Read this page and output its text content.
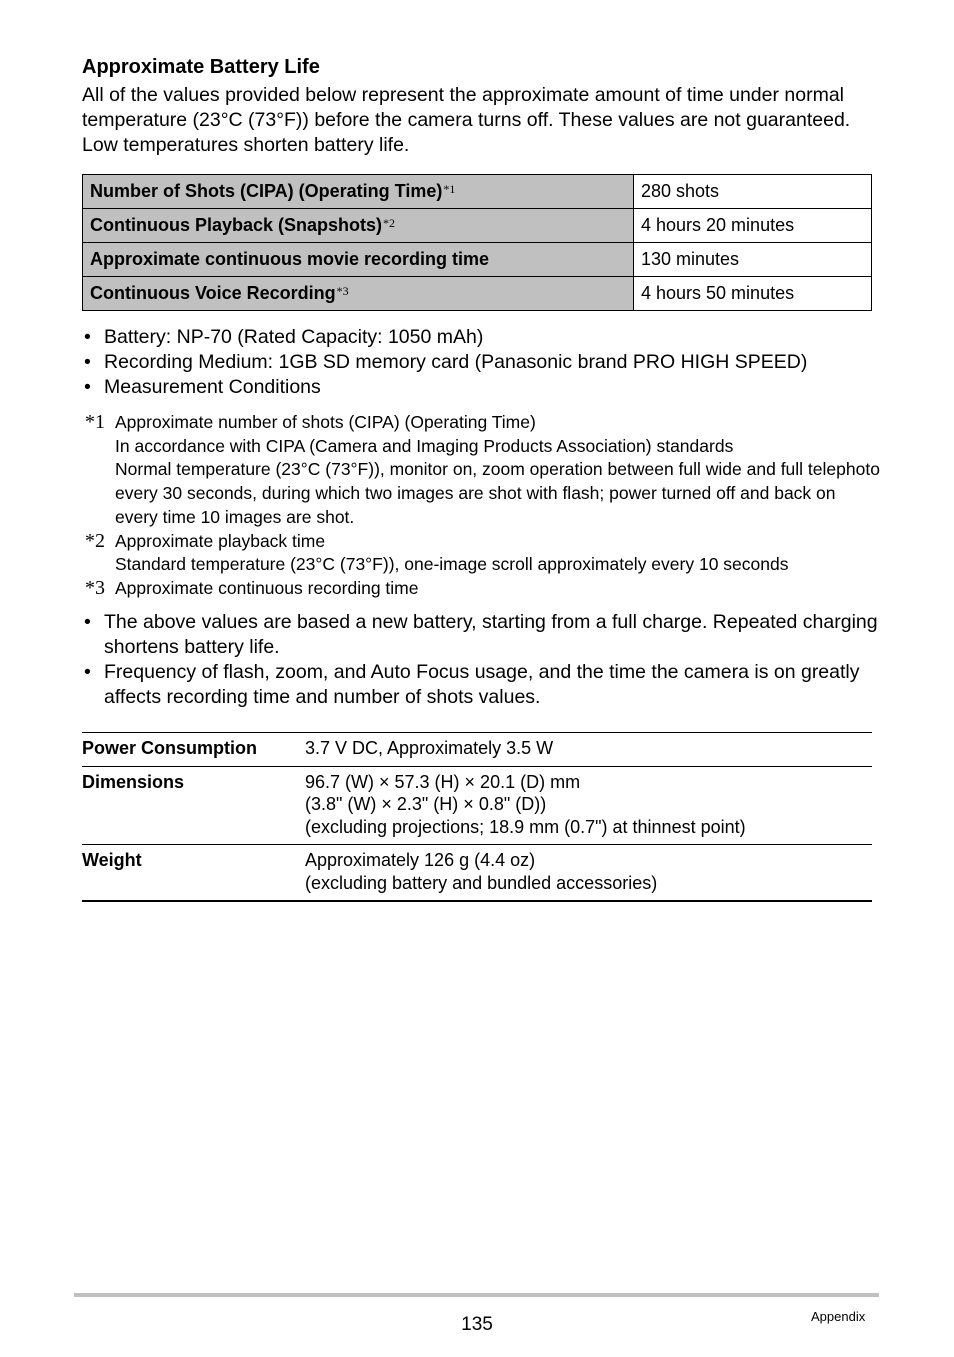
Approximate Battery Life
All of the values provided below represent the approximate amount of time under normal temperature (23°C (73°F)) before the camera turns off. These values are not guaranteed. Low temperatures shorten battery life.
Number of Shots (CIPA) (Operating Time)$^{*1}$	280 shots
Continuous Playback (Snapshots)$^{*2}$	4 hours 20 minutes
Approximate continuous movie recording time	130 minutes
Continuous Voice Recording$^{*3}$	4 hours 50 minutes
• Battery: NP-70 (Rated Capacity: 1050 mAh)
• Recording Medium: 1GB SD memory card (Panasonic brand PRO HIGH SPEED)
• Measurement Conditions
*1 Approximate number of shots (CIPA) (Operating Time)
In accordance with CIPA (Camera and Imaging Products Association) standards
Normal temperature (23°C (73°F)), monitor on, zoom operation between full wide and full telephoto every 30 seconds, during which two images are shot with flash; power turned off and back on every time 10 images are shot.
*2 Approximate playback time
Standard temperature (23°C (73°F)), one-image scroll approximately every 10 seconds
*3 Approximate continuous recording time
• The above values are based a new battery, starting from a full charge. Repeated charging shortens battery life.
• Frequency of flash, zoom, and Auto Focus usage, and the time the camera is on greatly affects recording time and number of shots values.
Power Consumption	3.7 V DC, Approximately 3.5 W
Dimensions	96.7 (W) × 57.3 (H) × 20.1 (D) mm
(3.8" (W) × 2.3" (H) × 0.8" (D))
(excluding projections; 18.9 mm (0.7") at thinnest point)
Weight	Approximately 126 g (4.4 oz)
(excluding battery and bundled accessories)
135	Appendix
